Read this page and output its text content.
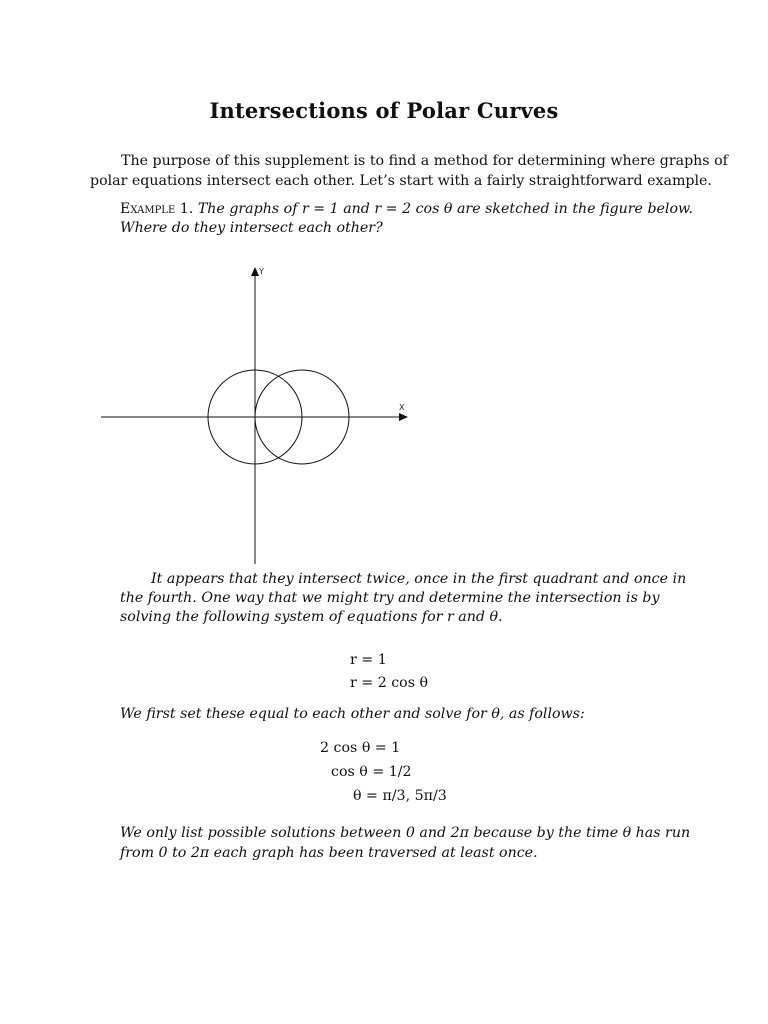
Intersections of Polar Curves
The purpose of this supplement is to find a method for determining where graphs of
polar equations intersect each other. Let’s start with a fairly straightforward example.
Example 1. The graphs of r = 1 and r = 2 cos θ are sketched in the figure below.
Where do they intersect each other?
Y
X
It appears that they intersect twice, once in the first quadrant and once in
the fourth. One way that we might try and determine the intersection is by
solving the following system of equations for r and θ.
r = 1
r = 2 cos θ
We first set these equal to each other and solve for θ, as follows:
2 cos θ = 1
cos θ = 1/2
θ = π/3, 5π/3
We only list possible solutions between 0 and 2π because by the time θ has run
from 0 to 2π each graph has been traversed at least once.
